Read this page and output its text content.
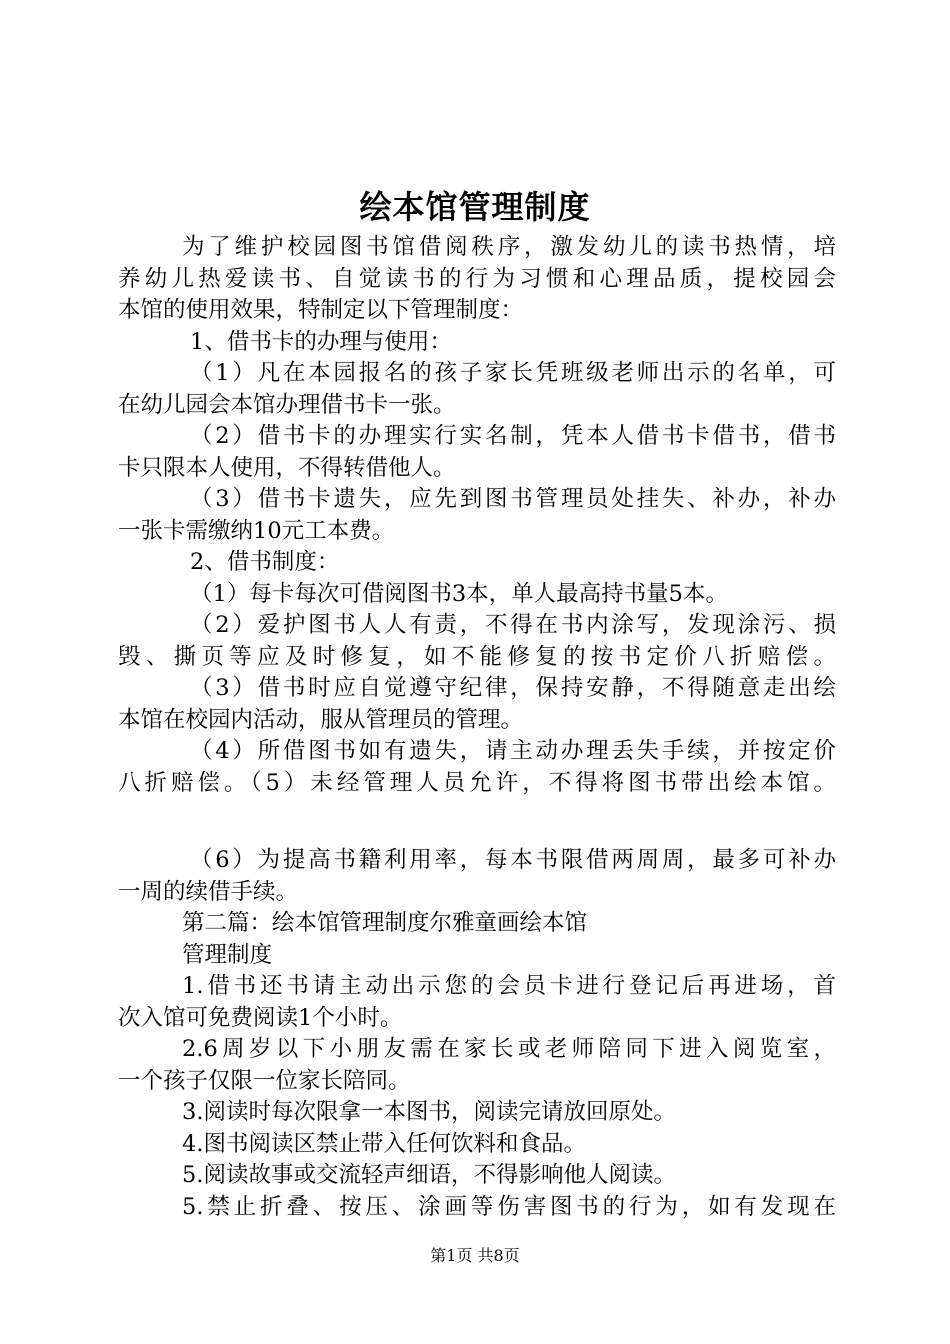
绘本馆管理制度
为了维护校园图书馆借阅秩序，激发幼儿的读书热情，培
养幼儿热爱读书、自觉读书的行为习惯和心理品质，提校园会
本馆的使用效果，特制定以下管理制度：
1、借书卡的办理与使用：
（1）凡在本园报名的孩子家长凭班级老师出示的名单，可
在幼儿园会本馆办理借书卡一张。
（2）借书卡的办理实行实名制，凭本人借书卡借书，借书
卡只限本人使用，不得转借他人。
（3）借书卡遗失，应先到图书管理员处挂失、补办，补办
一张卡需缴纳10元工本费。
2、借书制度：
（1）每卡每次可借阅图书3本，单人最高持书量5本。
（2）爱护图书人人有责，不得在书内涂写，发现涂污、损
毁、撕页等应及时修复，如不能修复的按书定价八折赔偿。
（3）借书时应自觉遵守纪律，保持安静，不得随意走出绘
本馆在校园内活动，服从管理员的管理。
（4）所借图书如有遗失，请主动办理丢失手续，并按定价
八折赔偿。（5）未经管理人员允许，不得将图书带出绘本馆。
（6）为提高书籍利用率，每本书限借两周周，最多可补办
一周的续借手续。
第二篇：绘本馆管理制度尔雅童画绘本馆
管理制度
1.借书还书请主动出示您的会员卡进行登记后再进场，首
次入馆可免费阅读1个小时。
2.6周岁以下小朋友需在家长或老师陪同下进入阅览室，
一个孩子仅限一位家长陪同。
3.阅读时每次限拿一本图书，阅读完请放回原处。
4.图书阅读区禁止带入任何饮料和食品。
5.阅读故事或交流轻声细语，不得影响他人阅读。
5.禁止折叠、按压、涂画等伤害图书的行为，如有发现在
第1页 共8页
